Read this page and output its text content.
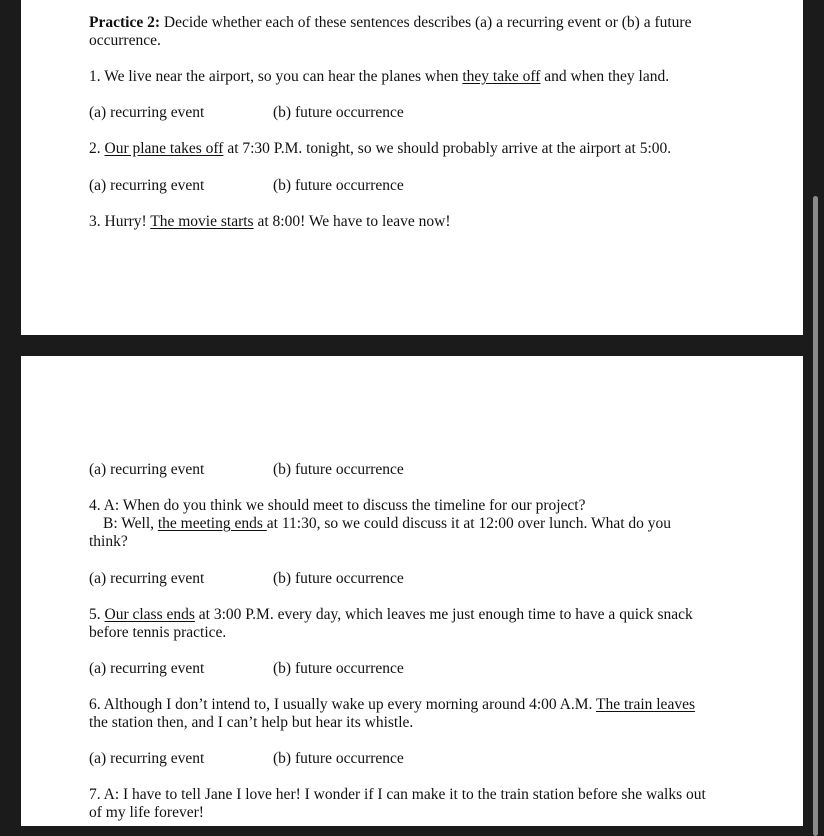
Practice 2: Decide whether each of these sentences describes (a) a recurring event or (b) a future
occurrence.
1. We live near the airport, so you can hear the planes when they take off and when they land.
(a) recurring event	(b) future occurrence
2. Our plane takes off at 7:30 P.M. tonight, so we should probably arrive at the airport at 5:00.
(a) recurring event	(b) future occurrence
3. Hurry! The movie starts at 8:00! We have to leave now!
(a) recurring event	(b) future occurrence
4. A: When do you think we should meet to discuss the timeline for our project?
B: Well, the meeting ends at 11:30, so we could discuss it at 12:00 over lunch. What do you
think?
(a) recurring event	(b) future occurrence
5. Our class ends at 3:00 P.M. every day, which leaves me just enough time to have a quick snack
before tennis practice.
(a) recurring event	(b) future occurrence
6. Although I don’t intend to, I usually wake up every morning around 4:00 A.M. The train leaves
the station then, and I can’t help but hear its whistle.
(a) recurring event	(b) future occurrence
7. A: I have to tell Jane I love her! I wonder if I can make it to the train station before she walks out
of my life forever!
